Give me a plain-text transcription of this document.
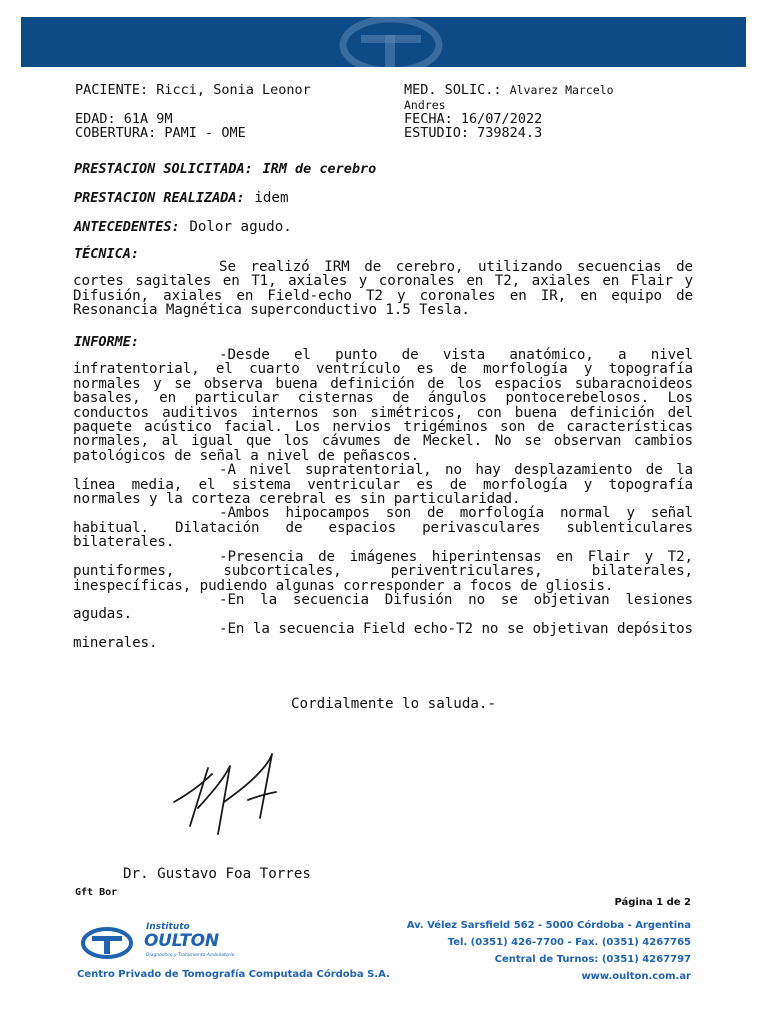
PACIENTE: Ricci, Sonia Leonor	MED. SOLIC.: Alvarez Marcelo
Andres
EDAD: 61A 9M	FECHA: 16/07/2022
COBERTURA: PAMI - OME	ESTUDIO: 739824.3
PRESTACION SOLICITADA: IRM de cerebro
PRESTACION REALIZADA: idem
ANTECEDENTES: Dolor agudo.
TÉCNICA:

Se realizó IRM de cerebro, utilizando secuencias de cortes sagitales en T1, axiales y coronales en T2, axiales en Flair y Difusión, axiales en Field-echo T2 y coronales en IR, en equipo de Resonancia Magnética superconductivo 1.5 Tesla.

INFORME:

-Desde el punto de vista anatómico, a nivel infratentorial, el cuarto ventrículo es de morfología y topografía normales y se observa buena definición de los espacios subaracnoideos basales, en particular cisternas de ángulos pontocerebelosos. Los conductos auditivos internos son simétricos, con buena definición del paquete acústico facial. Los nervios trigéminos son de características normales, al igual que los cávumes de Meckel. No se observan cambios patológicos de señal a nivel de peñascos.

-A nivel supratentorial, no hay desplazamiento de la línea media, el sistema ventricular es de morfología y topografía normales y la corteza cerebral es sin particularidad.

-Ambos hipocampos son de morfología normal y señal habitual. Dilatación de espacios perivasculares sublenticulares bilaterales.

-Presencia de imágenes hiperintensas en Flair y T2, puntiformes, subcorticales, periventriculares, bilaterales, inespecíficas, pudiendo algunas corresponder a focos de gliosis.

-En la secuencia Difusión no se objetivan lesiones agudas.

-En la secuencia Field echo-T2 no se objetivan depósitos minerales.

Cordialmente lo saluda.-
Dr. Gustavo Foa Torres
Gft Bor
Página 1 de 2
Instituto
OULTON
Diagnóstico y Tratamiento Ambulatorio
Av. Vélez Sarsfield 562 - 5000 Córdoba - Argentina
Tel. (0351) 426-7700 - Fax. (0351) 4267765
Central de Turnos: (0351) 4267797
Centro Privado de Tomografía Computada Córdoba S.A.	www.oulton.com.ar
